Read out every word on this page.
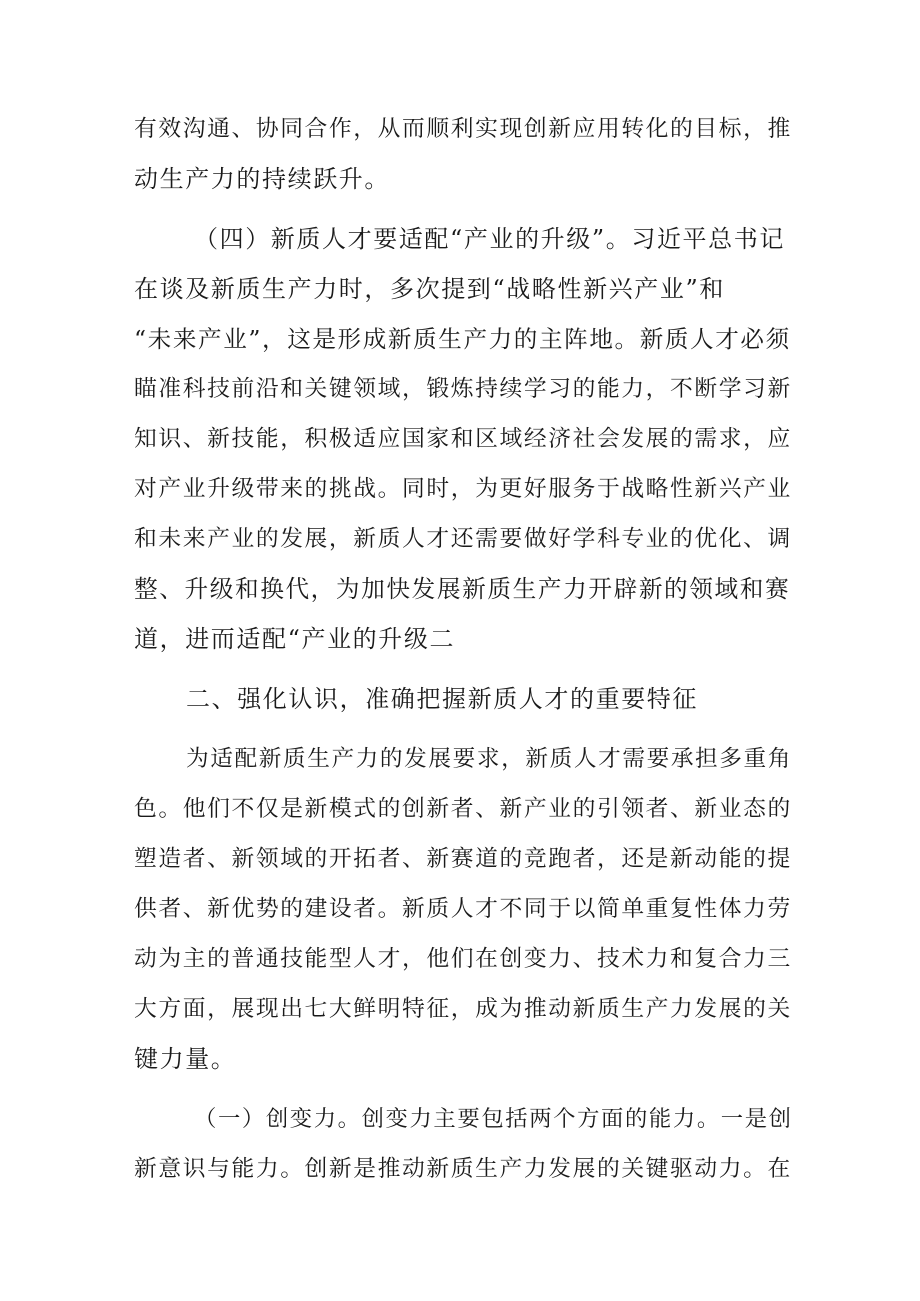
有效沟通、协同合作，从而顺利实现创新应用转化的目标，推
动生产力的持续跃升。
（四）新质人才要适配“产业的升级”。习近平总书记
在谈及新质生产力时，多次提到“战略性新兴产业”和
“未来产业”，这是形成新质生产力的主阵地。新质人才必须
瞄准科技前沿和关键领域，锻炼持续学习的能力，不断学习新
知识、新技能，积极适应国家和区域经济社会发展的需求，应
对产业升级带来的挑战。同时，为更好服务于战略性新兴产业
和未来产业的发展，新质人才还需要做好学科专业的优化、调
整、升级和换代，为加快发展新质生产力开辟新的领域和赛
道，进而适配“产业的升级二
二、强化认识，准确把握新质人才的重要特征
为适配新质生产力的发展要求，新质人才需要承担多重角
色。他们不仅是新模式的创新者、新产业的引领者、新业态的
塑造者、新领域的开拓者、新赛道的竞跑者，还是新动能的提
供者、新优势的建设者。新质人才不同于以简单重复性体力劳
动为主的普通技能型人才，他们在创变力、技术力和复合力三
大方面，展现出七大鲜明特征，成为推动新质生产力发展的关
键力量。
（一）创变力。创变力主要包括两个方面的能力。一是创
新意识与能力。创新是推动新质生产力发展的关键驱动力。在
